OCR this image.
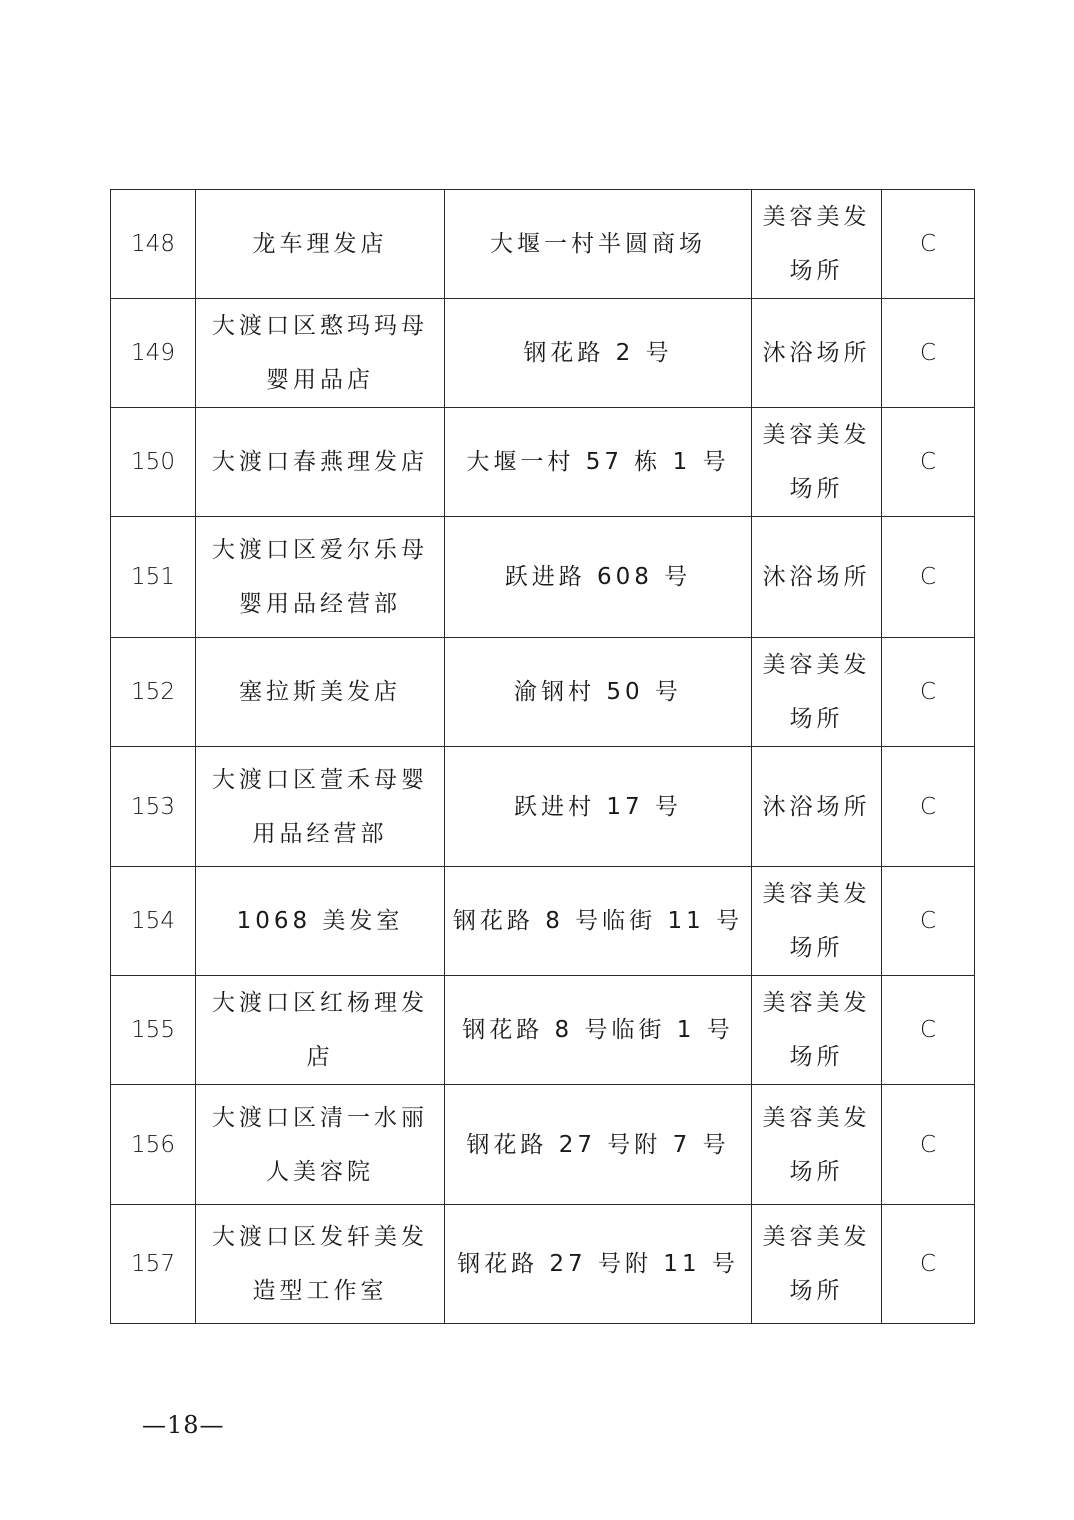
148	龙车理发店	大堰一村半圆商场	美容美发场所	C
149	大渡口区憨玛玛母婴用品店	钢花路 2 号	沐浴场所	C
150	大渡口春燕理发店	大堰一村 57 栋 1 号	美容美发场所	C
151	大渡口区爱尔乐母婴用品经营部	跃进路 608 号	沐浴场所	C
152	塞拉斯美发店	渝钢村 50 号	美容美发场所	C
153	大渡口区萱禾母婴用品经营部	跃进村 17 号	沐浴场所	C
154	1068 美发室	钢花路 8 号临街 11 号	美容美发场所	C
155	大渡口区红杨理发店	钢花路 8 号临街 1 号	美容美发场所	C
156	大渡口区清一水丽人美容院	钢花路 27 号附 7 号	美容美发场所	C
157	大渡口区发轩美发造型工作室	钢花路 27 号附 11 号	美容美发场所	C
—18—
